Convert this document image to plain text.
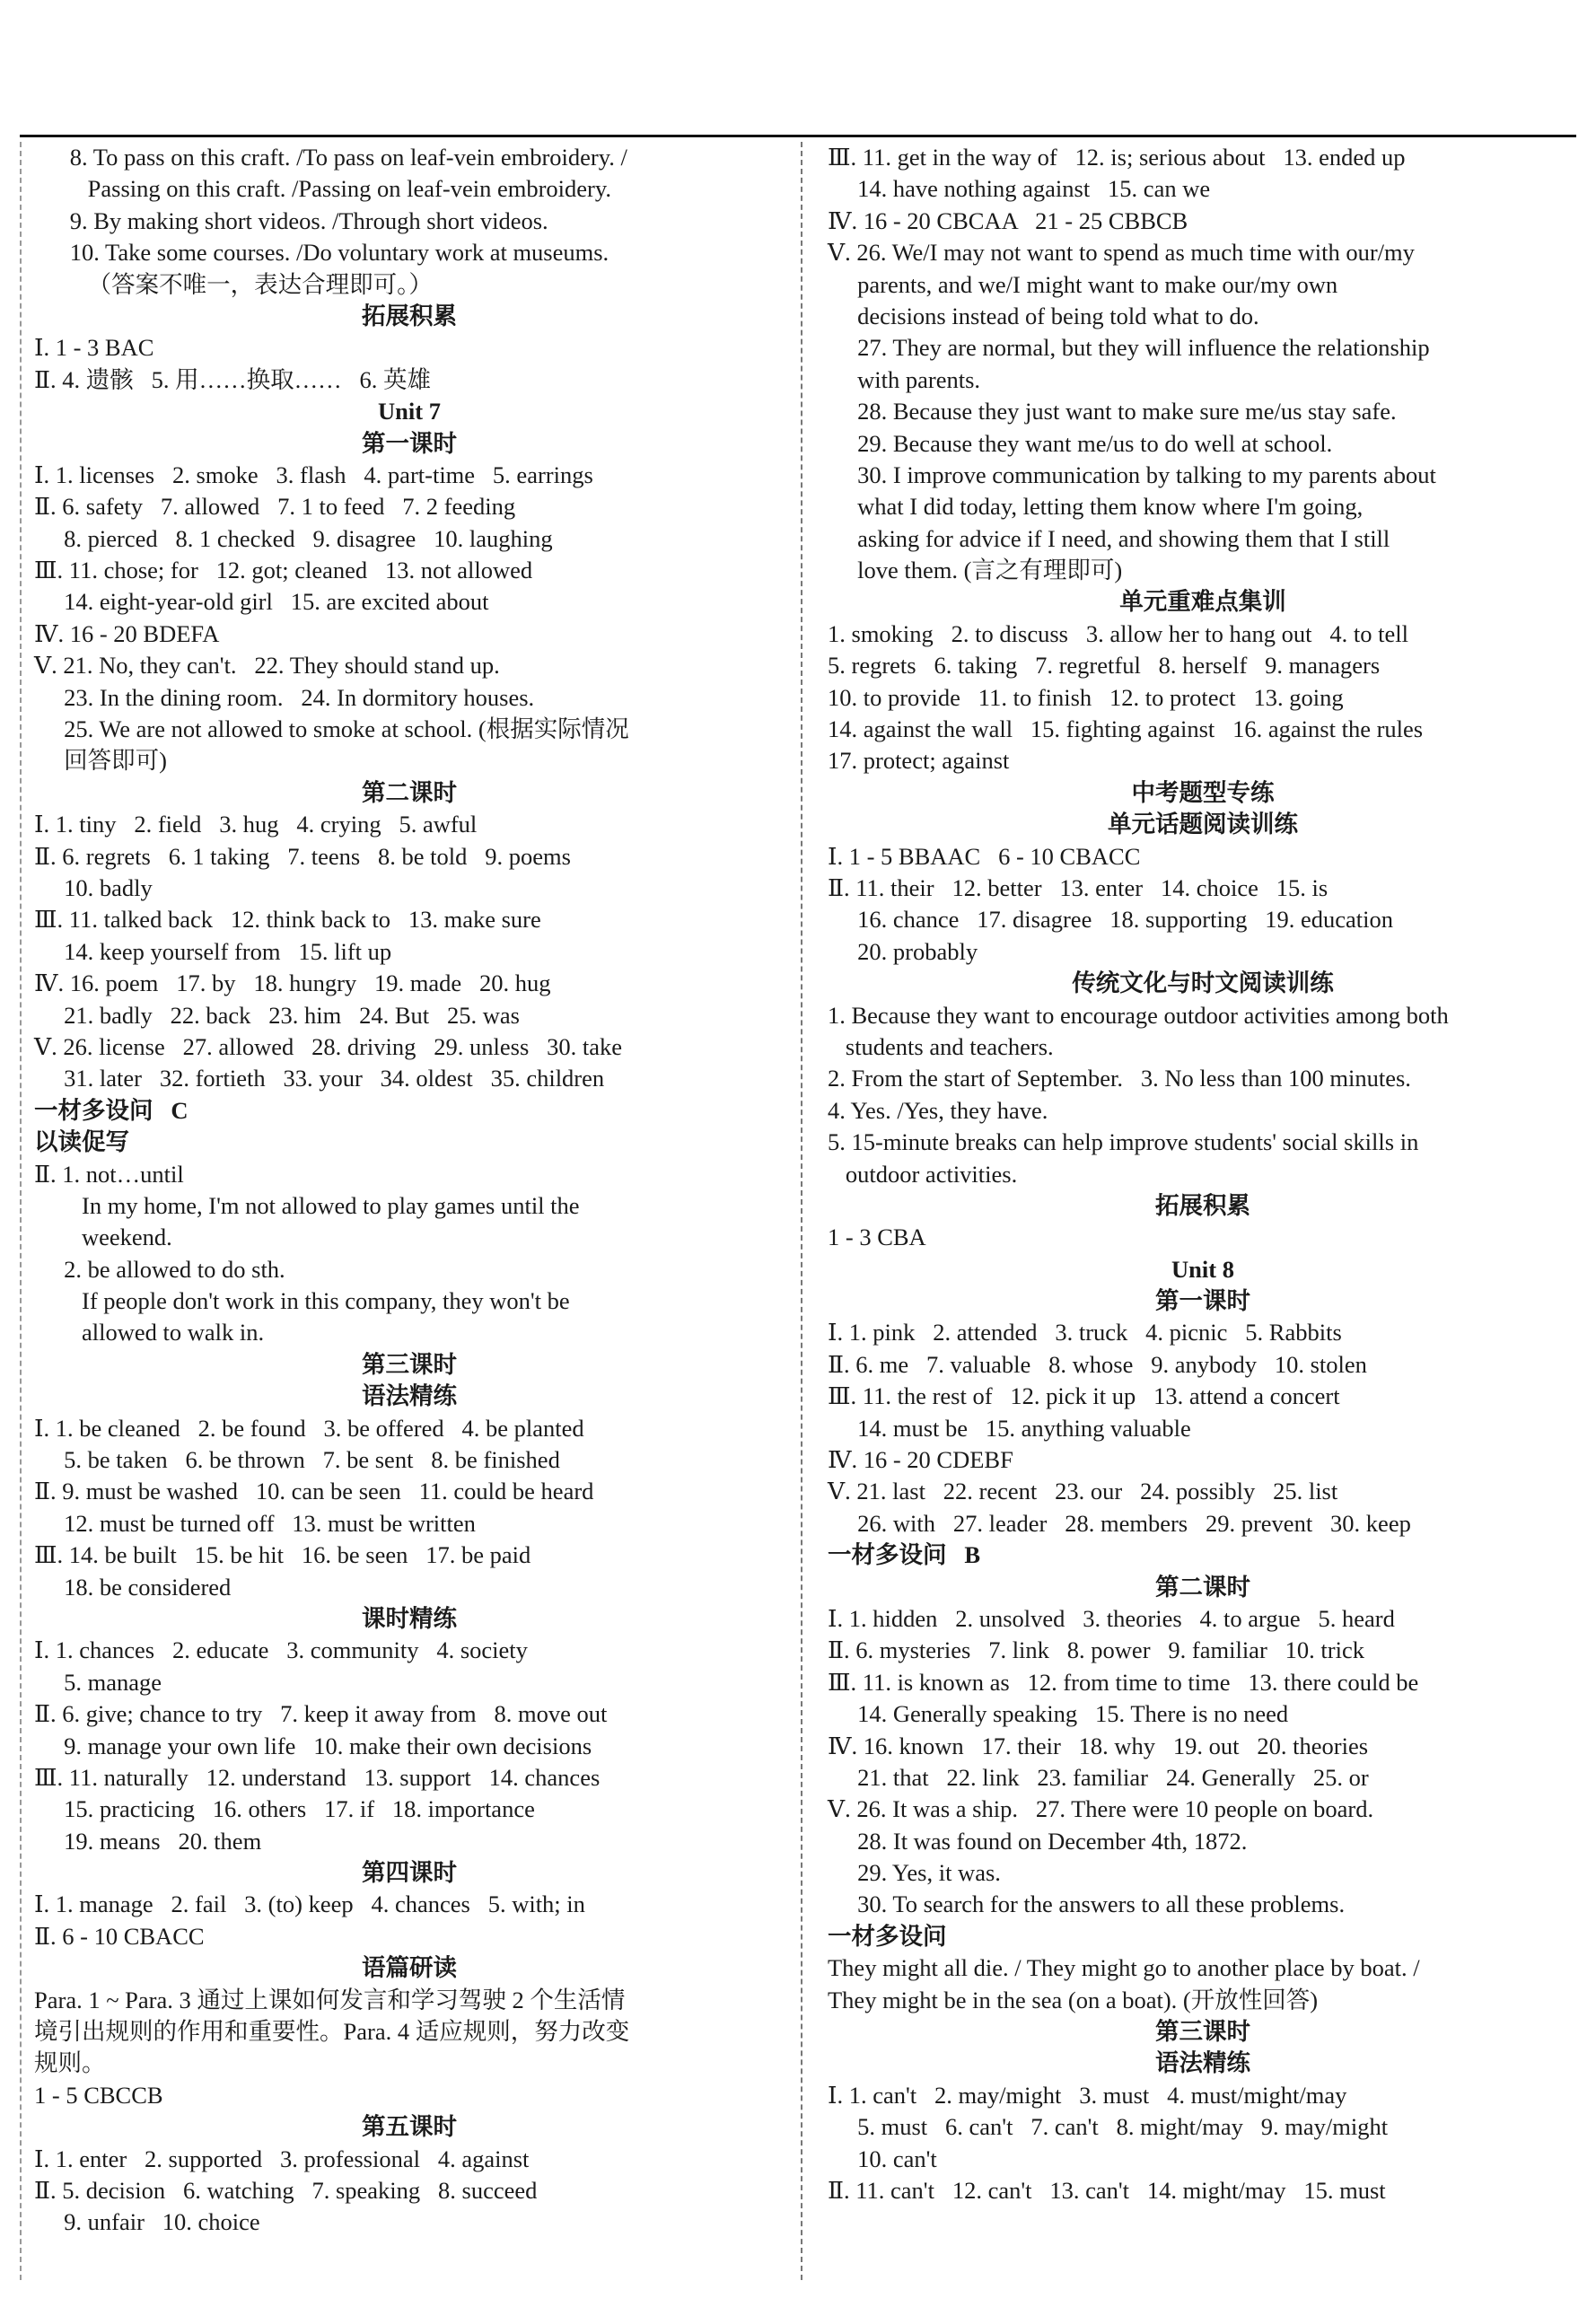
8. To pass on this craft. /To pass on leaf-vein embroidery. /
Passing on this craft. /Passing on leaf-vein embroidery.
9. By making short videos. /Through short videos.
10. Take some courses. /Do voluntary work at museums.
（答案不唯一，表达合理即可。）
拓展积累
Ⅰ. 1 - 3 BAC
Ⅱ. 4. 遗骸   5. 用……换取……   6. 英雄
Unit 7
第一课时
Ⅰ. 1. licenses   2. smoke   3. flash   4. part-time   5. earrings
Ⅱ. 6. safety   7. allowed   7. 1 to feed   7. 2 feeding
8. pierced   8. 1 checked   9. disagree   10. laughing
Ⅲ. 11. chose; for   12. got; cleaned   13. not allowed
14. eight-year-old girl   15. are excited about
Ⅳ. 16 - 20 BDEFA
Ⅴ. 21. No, they can't.   22. They should stand up.
23. In the dining room.   24. In dormitory houses.
25. We are not allowed to smoke at school. (根据实际情况
回答即可)
第二课时
Ⅰ. 1. tiny   2. field   3. hug   4. crying   5. awful
Ⅱ. 6. regrets   6. 1 taking   7. teens   8. be told   9. poems
10. badly
Ⅲ. 11. talked back   12. think back to   13. make sure
14. keep yourself from   15. lift up
Ⅳ. 16. poem   17. by   18. hungry   19. made   20. hug
21. badly   22. back   23. him   24. But   25. was
Ⅴ. 26. license   27. allowed   28. driving   29. unless   30. take
31. later   32. fortieth   33. your   34. oldest   35. children
一材多设问   C
以读促写
Ⅱ. 1. not…until
In my home, I'm not allowed to play games until the
weekend.
2. be allowed to do sth.
If people don't work in this company, they won't be
allowed to walk in.
第三课时
语法精练
Ⅰ. 1. be cleaned   2. be found   3. be offered   4. be planted
5. be taken   6. be thrown   7. be sent   8. be finished
Ⅱ. 9. must be washed   10. can be seen   11. could be heard
12. must be turned off   13. must be written
Ⅲ. 14. be built   15. be hit   16. be seen   17. be paid
18. be considered
课时精练
Ⅰ. 1. chances   2. educate   3. community   4. society
5. manage
Ⅱ. 6. give; chance to try   7. keep it away from   8. move out
9. manage your own life   10. make their own decisions
Ⅲ. 11. naturally   12. understand   13. support   14. chances
15. practicing   16. others   17. if   18. importance
19. means   20. them
第四课时
Ⅰ. 1. manage   2. fail   3. (to) keep   4. chances   5. with; in
Ⅱ. 6 - 10 CBACC
语篇研读
Para. 1 ~ Para. 3 通过上课如何发言和学习驾驶 2 个生活情
境引出规则的作用和重要性。Para. 4 适应规则，努力改变
规则。
1 - 5 CBCCB
第五课时
Ⅰ. 1. enter   2. supported   3. professional   4. against
Ⅱ. 5. decision   6. watching   7. speaking   8. succeed
9. unfair   10. choice
Ⅲ. 11. get in the way of   12. is; serious about   13. ended up
14. have nothing against   15. can we
Ⅳ. 16 - 20 CBCAA   21 - 25 CBBCB
Ⅴ. 26. We/I may not want to spend as much time with our/my
parents, and we/I might want to make our/my own
decisions instead of being told what to do.
27. They are normal, but they will influence the relationship
with parents.
28. Because they just want to make sure me/us stay safe.
29. Because they want me/us to do well at school.
30. I improve communication by talking to my parents about
what I did today, letting them know where I'm going,
asking for advice if I need, and showing them that I still
love them. (言之有理即可)
单元重难点集训
1. smoking   2. to discuss   3. allow her to hang out   4. to tell
5. regrets   6. taking   7. regretful   8. herself   9. managers
10. to provide   11. to finish   12. to protect   13. going
14. against the wall   15. fighting against   16. against the rules
17. protect; against
中考题型专练
单元话题阅读训练
Ⅰ. 1 - 5 BBAAC   6 - 10 CBACC
Ⅱ. 11. their   12. better   13. enter   14. choice   15. is
16. chance   17. disagree   18. supporting   19. education
20. probably
传统文化与时文阅读训练
1. Because they want to encourage outdoor activities among both
students and teachers.
2. From the start of September.   3. No less than 100 minutes.
4. Yes. /Yes, they have.
5. 15-minute breaks can help improve students' social skills in
outdoor activities.
拓展积累
1 - 3 CBA
Unit 8
第一课时
Ⅰ. 1. pink   2. attended   3. truck   4. picnic   5. Rabbits
Ⅱ. 6. me   7. valuable   8. whose   9. anybody   10. stolen
Ⅲ. 11. the rest of   12. pick it up   13. attend a concert
14. must be   15. anything valuable
Ⅳ. 16 - 20 CDEBF
Ⅴ. 21. last   22. recent   23. our   24. possibly   25. list
26. with   27. leader   28. members   29. prevent   30. keep
一材多设问   B
第二课时
Ⅰ. 1. hidden   2. unsolved   3. theories   4. to argue   5. heard
Ⅱ. 6. mysteries   7. link   8. power   9. familiar   10. trick
Ⅲ. 11. is known as   12. from time to time   13. there could be
14. Generally speaking   15. There is no need
Ⅳ. 16. known   17. their   18. why   19. out   20. theories
21. that   22. link   23. familiar   24. Generally   25. or
Ⅴ. 26. It was a ship.   27. There were 10 people on board.
28. It was found on December 4th, 1872.
29. Yes, it was.
30. To search for the answers to all these problems.
一材多设问
They might all die. / They might go to another place by boat. /
They might be in the sea (on a boat). (开放性回答)
第三课时
语法精练
Ⅰ. 1. can't   2. may/might   3. must   4. must/might/may
5. must   6. can't   7. can't   8. might/may   9. may/might
10. can't
Ⅱ. 11. can't   12. can't   13. can't   14. might/may   15. must
